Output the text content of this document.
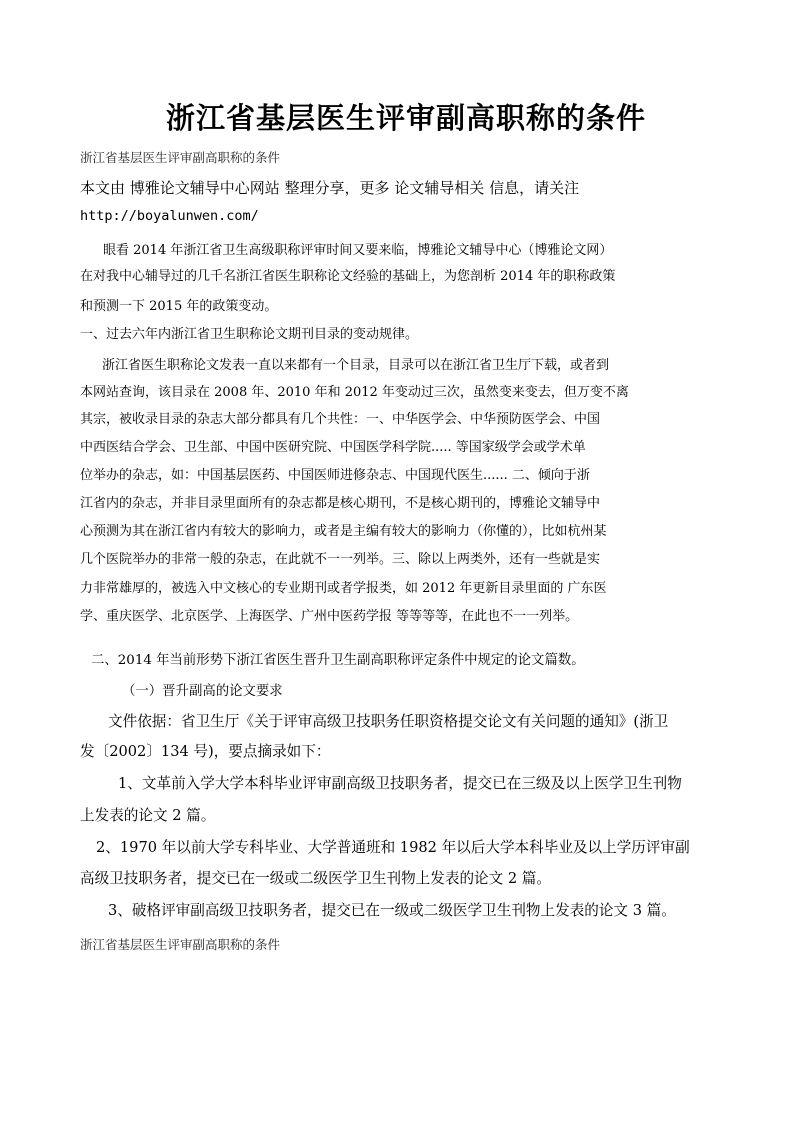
浙江省基层医生评审副高职称的条件
浙江省基层医生评审副高职称的条件
本文由 博雅论文辅导中心网站 整理分享，更多 论文辅导相关 信息，请关注
http://boyalunwen.com/
眼看 2014 年浙江省卫生高级职称评审时间又要来临，博雅论文辅导中心（博雅论文网）
在对我中心辅导过的几千名浙江省医生职称论文经验的基础上，为您剖析 2014 年的职称政策
和预测一下 2015 年的政策变动。
一、过去六年内浙江省卫生职称论文期刊目录的变动规律。
浙江省医生职称论文发表一直以来都有一个目录，目录可以在浙江省卫生厅下载，或者到
本网站查询，该目录在 2008 年、2010 年和 2012 年变动过三次，虽然变来变去，但万变不离
其宗，被收录目录的杂志大部分都具有几个共性：一、中华医学会、中华预防医学会、中国
中西医结合学会、卫生部、中国中医研究院、中国医学科学院..... 等国家级学会或学术单
位举办的杂志，如：中国基层医药、中国医师进修杂志、中国现代医生...... 二、倾向于浙
江省内的杂志，并非目录里面所有的杂志都是核心期刊，不是核心期刊的，博雅论文辅导中
心预测为其在浙江省内有较大的影响力，或者是主编有较大的影响力（你懂的），比如杭州某
几个医院举办的非常一般的杂志，在此就不一一列举。三、除以上两类外，还有一些就是实
力非常雄厚的，被选入中文核心的专业期刊或者学报类，如 2012 年更新目录里面的 广东医
学、重庆医学、北京医学、上海医学、广州中医药学报 等等等等，在此也不一一列举。
二、2014 年当前形势下浙江省医生晋升卫生副高职称评定条件中规定的论文篇数。
（一）晋升副高的论文要求
文件依据：省卫生厅《关于评审高级卫技职务任职资格提交论文有关问题的通知》(浙卫
发〔2002〕134 号)，要点摘录如下：
1、文革前入学大学本科毕业评审副高级卫技职务者，提交已在三级及以上医学卫生刊物
上发表的论文 2 篇。
2、1970 年以前大学专科毕业、大学普通班和 1982 年以后大学本科毕业及以上学历评审副
高级卫技职务者，提交已在一级或二级医学卫生刊物上发表的论文 2 篇。
3、破格评审副高级卫技职务者，提交已在一级或二级医学卫生刊物上发表的论文 3 篇。
浙江省基层医生评审副高职称的条件
